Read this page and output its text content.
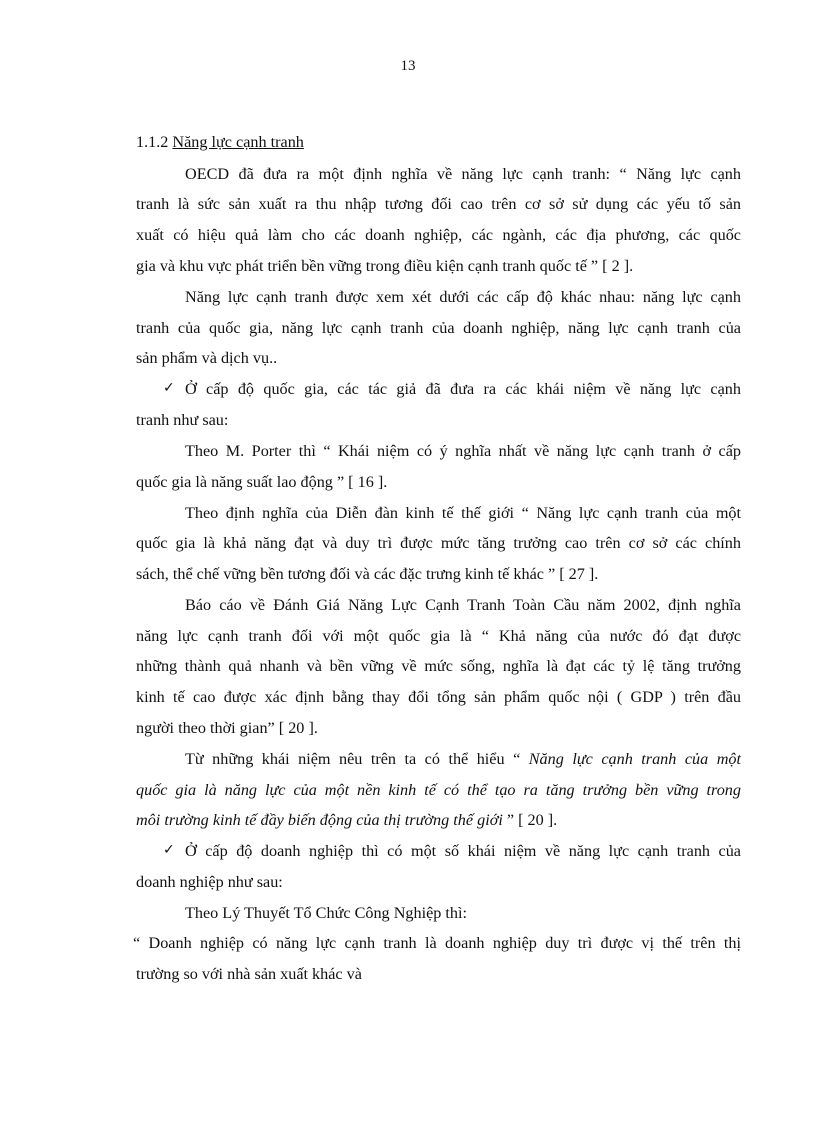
13
1.1.2 Năng lực cạnh tranh
OECD đã đưa ra một định nghĩa về năng lực cạnh tranh: “ Năng lực cạnh
tranh là sức sản xuất ra thu nhập tương đối cao trên cơ sở sử dụng các yếu tố sản
xuất có hiệu quả làm cho các doanh nghiệp, các ngành, các địa phương, các quốc
gia và khu vực phát triển bền vững trong điều kiện cạnh tranh quốc tế ” [ 2 ].
Năng lực cạnh tranh được xem xét dưới các cấp độ khác nhau: năng lực cạnh
tranh của quốc gia, năng lực cạnh tranh của doanh nghiệp, năng lực cạnh tranh của
sản phẩm và dịch vụ..
✓ Ở cấp độ quốc gia, các tác giả đã đưa ra các khái niệm về năng lực cạnh
tranh như sau:
Theo M. Porter thì “ Khái niệm có ý nghĩa nhất về năng lực cạnh tranh ở cấp
quốc gia là năng suất lao động ” [ 16 ].
Theo định nghĩa của Diễn đàn kinh tế thế giới “ Năng lực cạnh tranh của một
quốc gia là khả năng đạt và duy trì được mức tăng trưởng cao trên cơ sở các chính
sách, thể chế vững bền tương đối và các đặc trưng kinh tế khác ” [ 27 ].
Báo cáo về Đánh Giá Năng Lực Cạnh Tranh Toàn Cầu năm 2002, định nghĩa
năng lực cạnh tranh đối với một quốc gia là “ Khả năng của nước đó đạt được
những thành quả nhanh và bền vững về mức sống, nghĩa là đạt các tỷ lệ tăng trưởng
kinh tế cao được xác định bằng thay đổi tổng sản phẩm quốc nội ( GDP ) trên đầu
người theo thời gian” [ 20 ].
Từ những khái niệm nêu trên ta có thể hiểu “ Năng lực cạnh tranh của một
quốc gia là năng lực của một nền kinh tế có thể tạo ra tăng trưởng bền vững trong
môi trường kinh tế đầy biến động của thị trường thế giới ” [ 20 ].
✓ Ở cấp độ doanh nghiệp thì có một số khái niệm về năng lực cạnh tranh của
doanh nghiệp như sau:
Theo Lý Thuyết Tổ Chức Công Nghiệp thì:
“ Doanh nghiệp có năng lực cạnh tranh là doanh nghiệp duy trì được vị thế trên thị
trường so với nhà sản xuất khác và
